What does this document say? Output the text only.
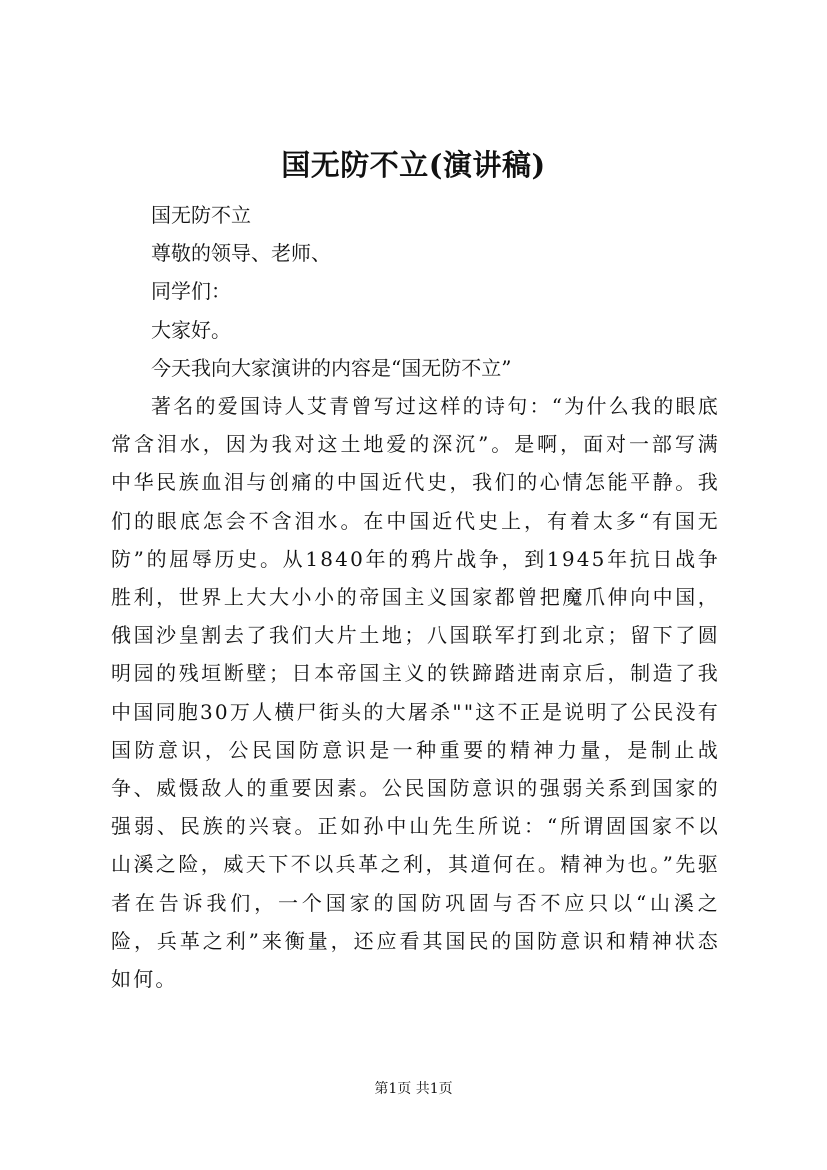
国无防不立(演讲稿)

国无防不立

尊敬的领导、老师、

同学们：

大家好。

今天我向大家演讲的内容是“国无防不立”

著名的爱国诗人艾青曾写过这样的诗句：“为什么我的眼底常含泪水，因为我对这土地爱的深沉”。是啊，面对一部写满中华民族血泪与创痛的中国近代史，我们的心情怎能平静。我们的眼底怎会不含泪水。在中国近代史上，有着太多“有国无防”的屈辱历史。从1840年的鸦片战争，到1945年抗日战争胜利，世界上大大小小的帝国主义国家都曾把魔爪伸向中国，俄国沙皇割去了我们大片土地；八国联军打到北京；留下了圆明园的残垣断壁；日本帝国主义的铁蹄踏进南京后，制造了我中国同胞30万人横尸街头的大屠杀""这不正是说明了公民没有国防意识，公民国防意识是一种重要的精神力量，是制止战争、威慑敌人的重要因素。公民国防意识的强弱关系到国家的强弱、民族的兴衰。正如孙中山先生所说：“所谓固国家不以山溪之险，威天下不以兵革之利，其道何在。精神为也。”先驱者在告诉我们，一个国家的国防巩固与否不应只以“山溪之险，兵革之利”来衡量，还应看其国民的国防意识和精神状态如何。

第1页 共1页
